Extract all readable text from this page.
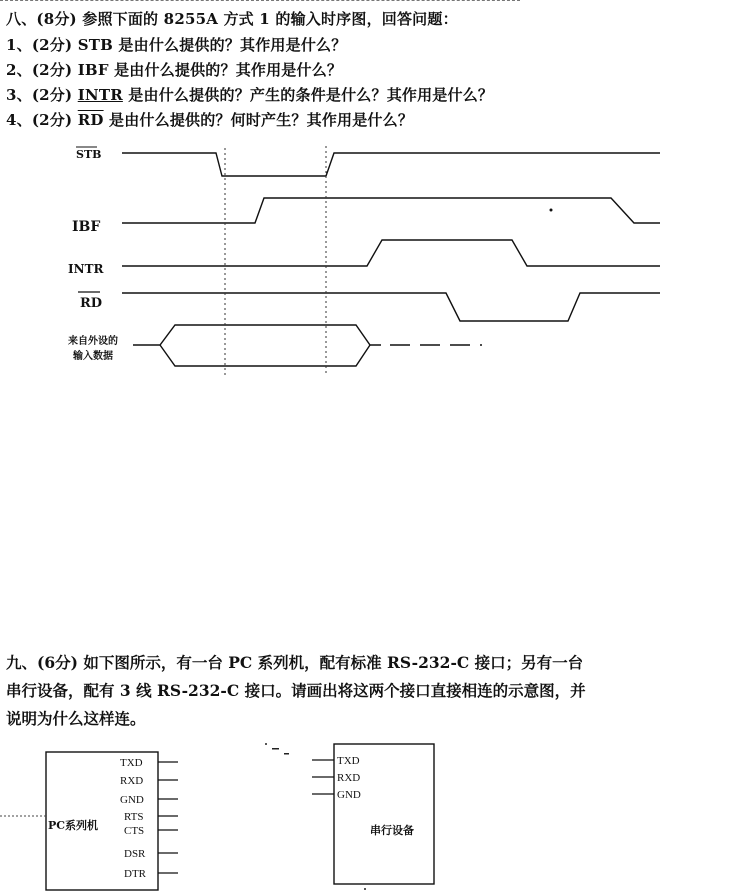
八、(8分) 参照下面的 8255A 方式 1 的输入时序图，回答问题：
1、(2分) STB 是由什么提供的？其作用是什么？
2、(2分) IBF 是由什么提供的？其作用是什么？
3、(2分) INTR 是由什么提供的？产生的条件是什么？其作用是什么？
4、(2分) $\overline{RD}$ 是由什么提供的？何时产生？其作用是什么？
STB
IBF
INTR
RD
来自外设的
输入数据
九、(6分) 如下图所示，有一台 PC 系列机，配有标准 RS-232-C 接口；另有一台
串行设备，配有 3 线 RS-232-C 接口。请画出将这两个接口直接相连的示意图，并
说明为什么这样连。
PC系列机
TXD
RXD
GND
RTS
CTS
DSR
DTR
TXD
RXD
GND
串行设备
